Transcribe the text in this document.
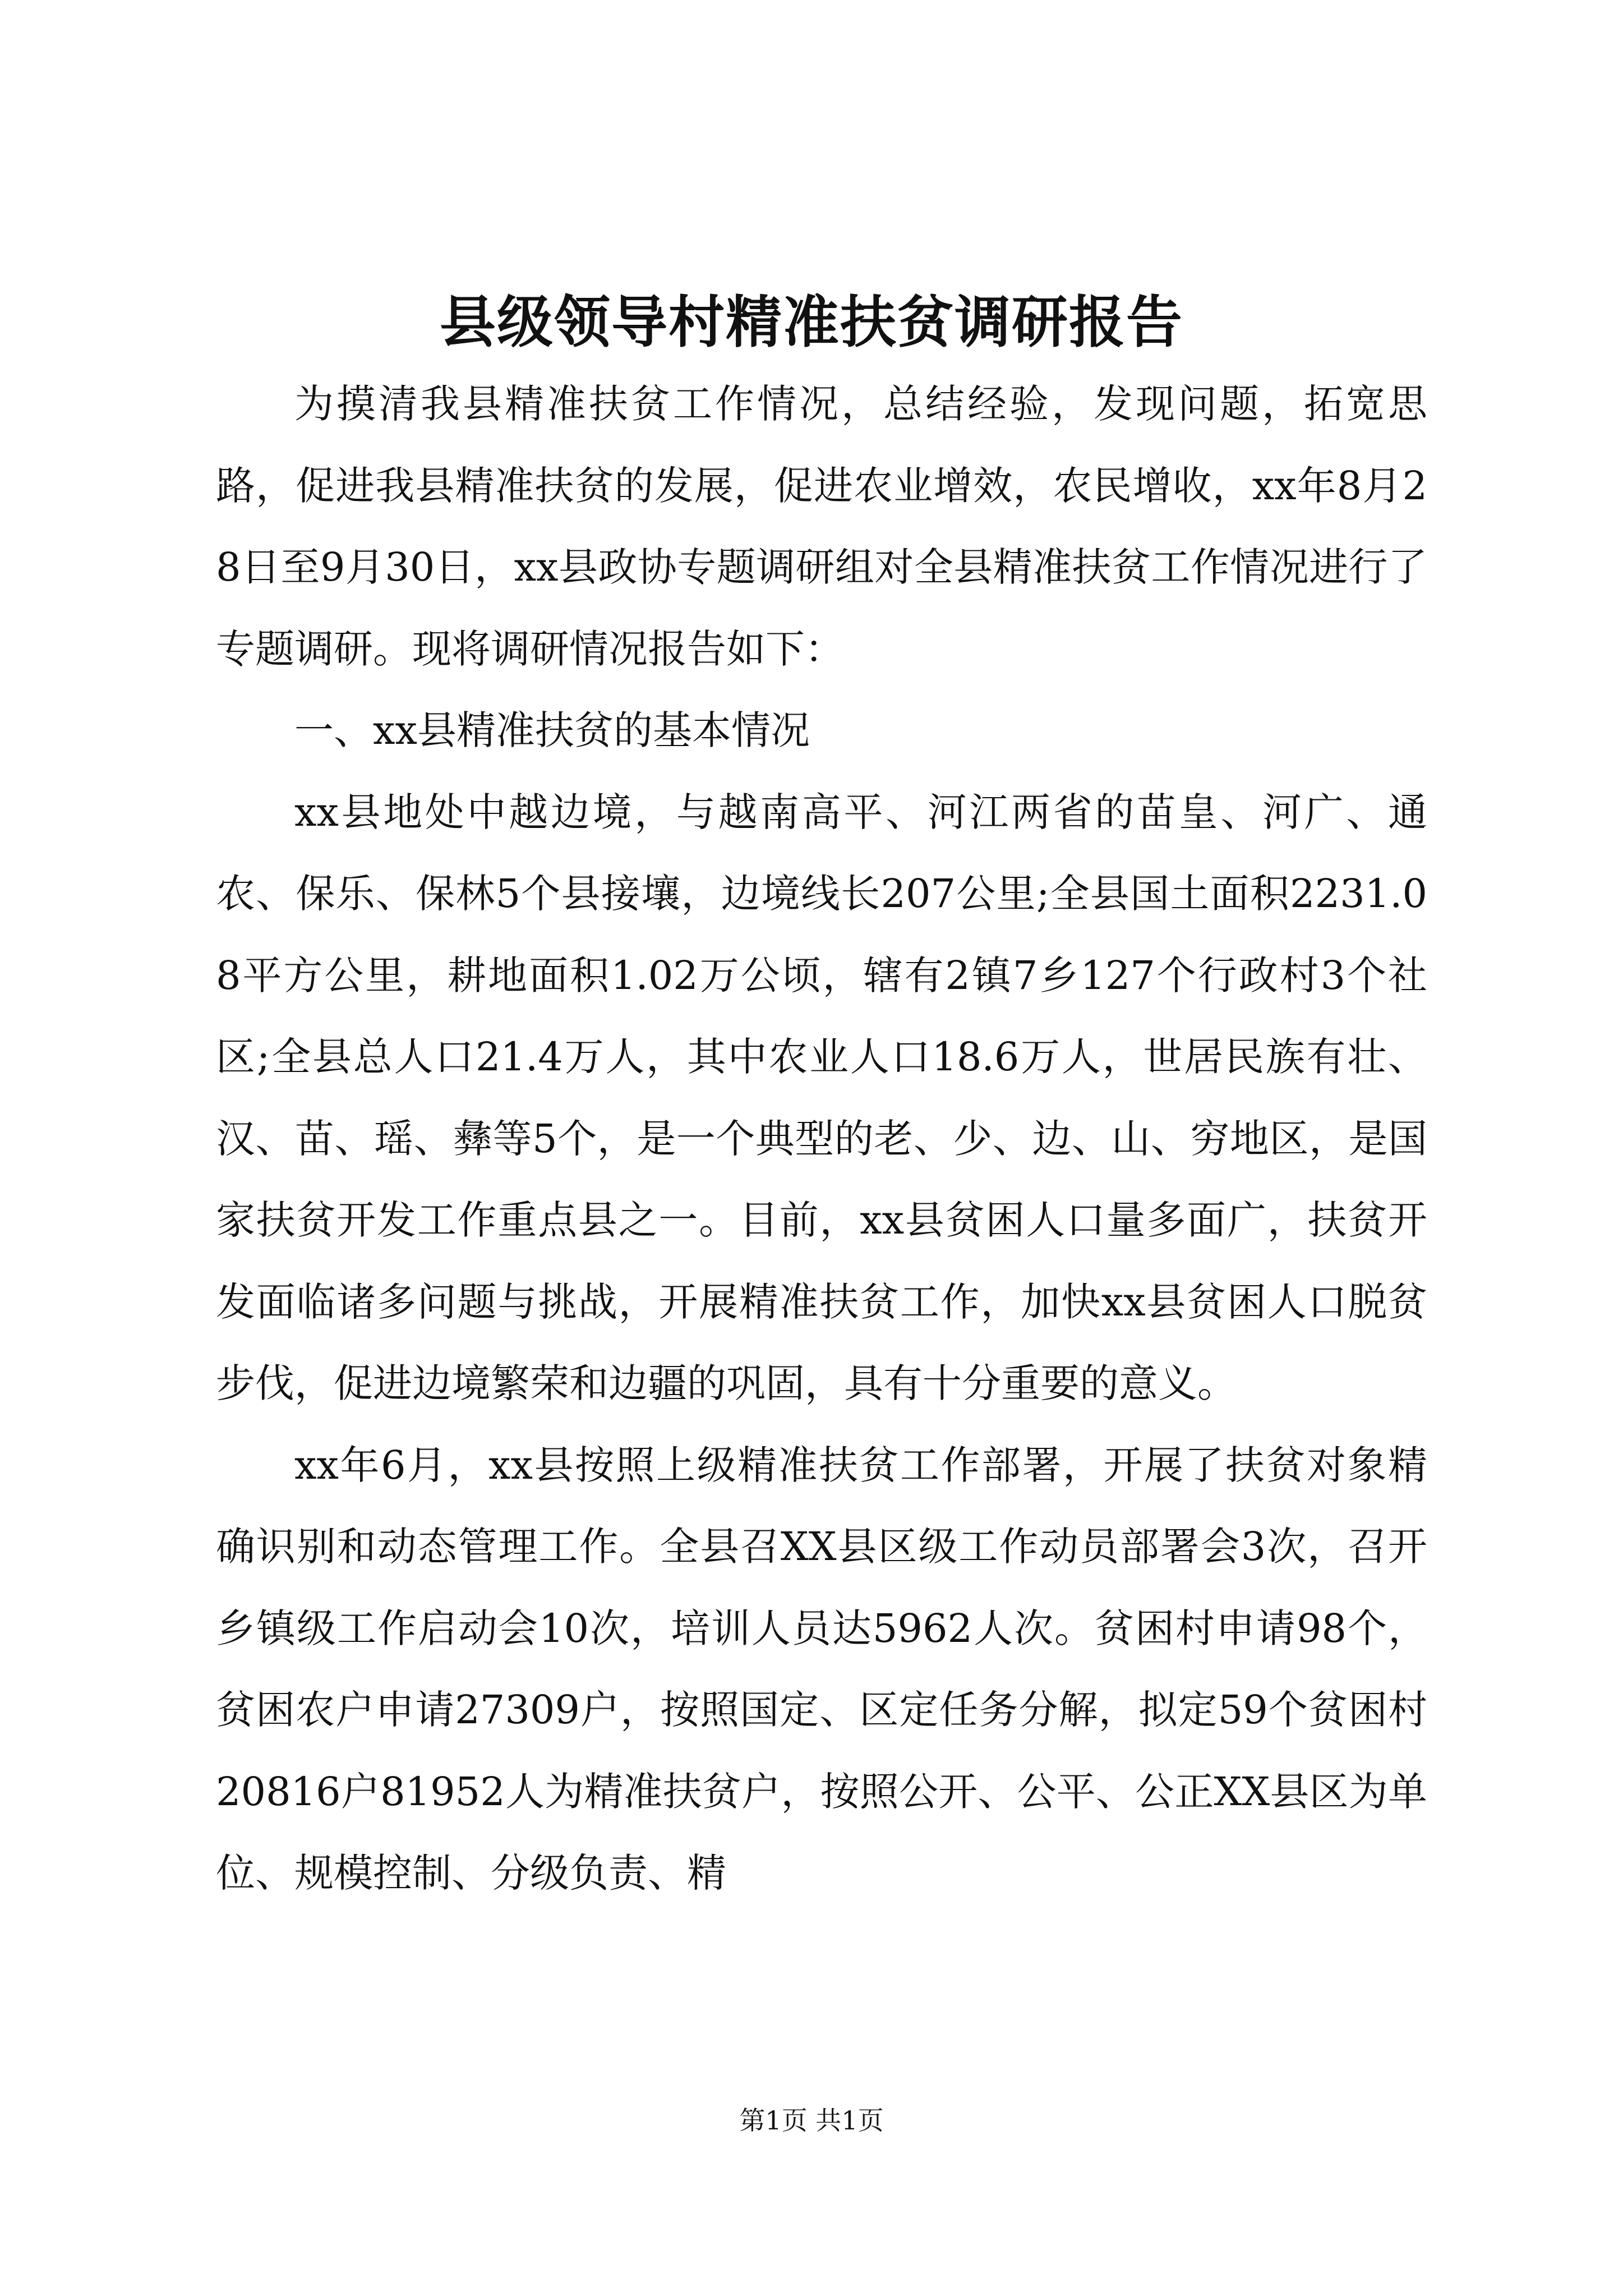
县级领导村精准扶贫调研报告

为摸清我县精准扶贫工作情况，总结经验，发现问题，拓宽思路，促进我县精准扶贫的发展，促进农业增效，农民增收，xx年8月28日至9月30日，xx县政协专题调研组对全县精准扶贫工作情况进行了专题调研。现将调研情况报告如下：

一、xx县精准扶贫的基本情况

xx县地处中越边境，与越南高平、河江两省的苗皇、河广、通农、保乐、保林5个县接壤，边境线长207公里;全县国土面积2231.08平方公里，耕地面积1.02万公顷，辖有2镇7乡127个行政村3个社区;全县总人口21.4万人，其中农业人口18.6万人，世居民族有壮、汉、苗、瑶、彝等5个，是一个典型的老、少、边、山、穷地区，是国家扶贫开发工作重点县之一。目前，xx县贫困人口量多面广，扶贫开发面临诸多问题与挑战，开展精准扶贫工作，加快xx县贫困人口脱贫步伐，促进边境繁荣和边疆的巩固，具有十分重要的意义。

xx年6月，xx县按照上级精准扶贫工作部署，开展了扶贫对象精确识别和动态管理工作。全县召XX县区级工作动员部署会3次，召开乡镇级工作启动会10次，培训人员达5962人次。贫困村申请98个，贫困农户申请27309户，按照国定、区定任务分解，拟定59个贫困村20816户81952人为精准扶贫户，按照公开、公平、公正XX县区为单位、规模控制、分级负责、精

第1页 共1页
